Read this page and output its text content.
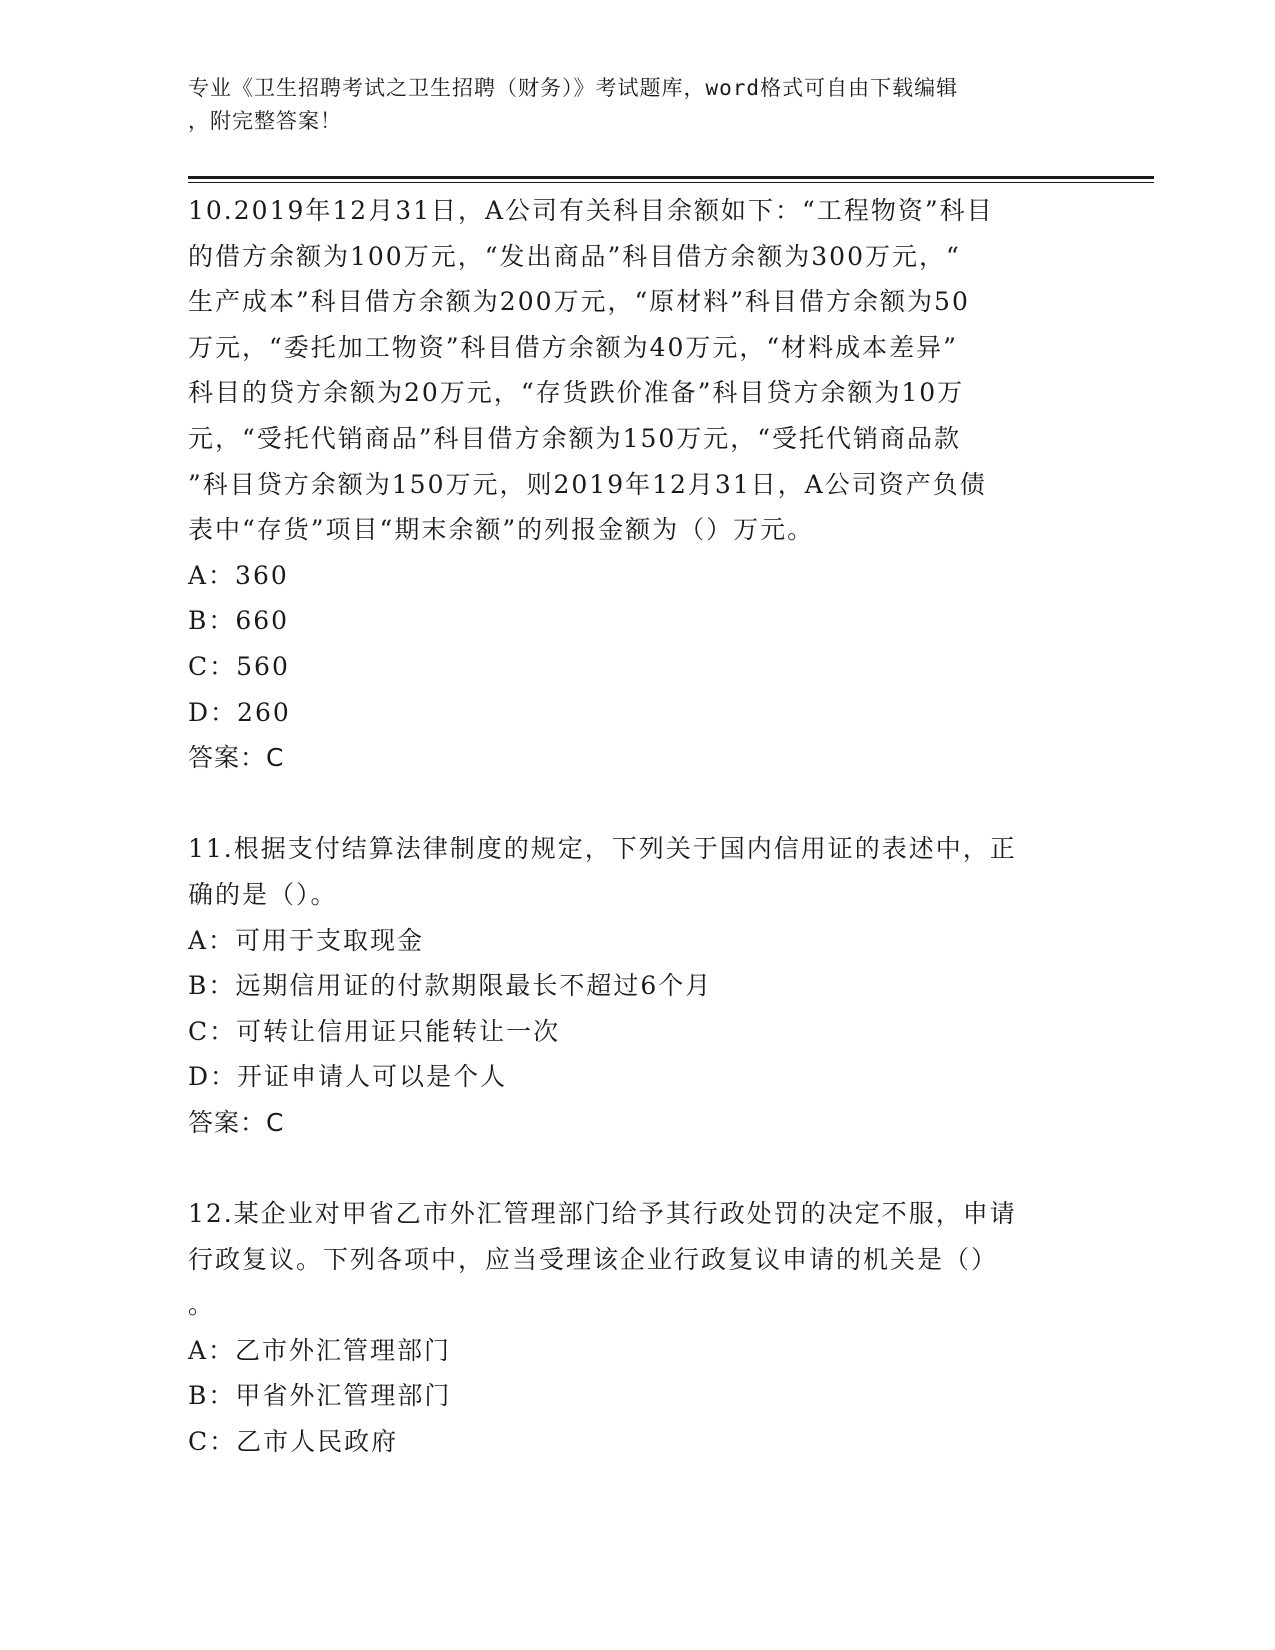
专业《卫生招聘考试之卫生招聘（财务）》考试题库，word格式可自由下载编辑
，附完整答案！
10.2019年12月31日，A公司有关科目余额如下：“工程物资”科目
的借方余额为100万元，“发出商品”科目借方余额为300万元，“
生产成本”科目借方余额为200万元，“原材料”科目借方余额为50
万元，“委托加工物资”科目借方余额为40万元，“材料成本差异”
科目的贷方余额为20万元，“存货跌价准备”科目贷方余额为10万
元，“受托代销商品”科目借方余额为150万元，“受托代销商品款
”科目贷方余额为150万元，则2019年12月31日，A公司资产负债
表中“存货”项目“期末余额”的列报金额为（）万元。
A：360
B：660
C：560
D：260
答案：C
11.根据支付结算法律制度的规定，下列关于国内信用证的表述中，正
确的是（）。
A：可用于支取现金
B：远期信用证的付款期限最长不超过6个月
C：可转让信用证只能转让一次
D：开证申请人可以是个人
答案：C
12.某企业对甲省乙市外汇管理部门给予其行政处罚的决定不服，申请
行政复议。下列各项中，应当受理该企业行政复议申请的机关是（）
。
A：乙市外汇管理部门
B：甲省外汇管理部门
C：乙市人民政府
